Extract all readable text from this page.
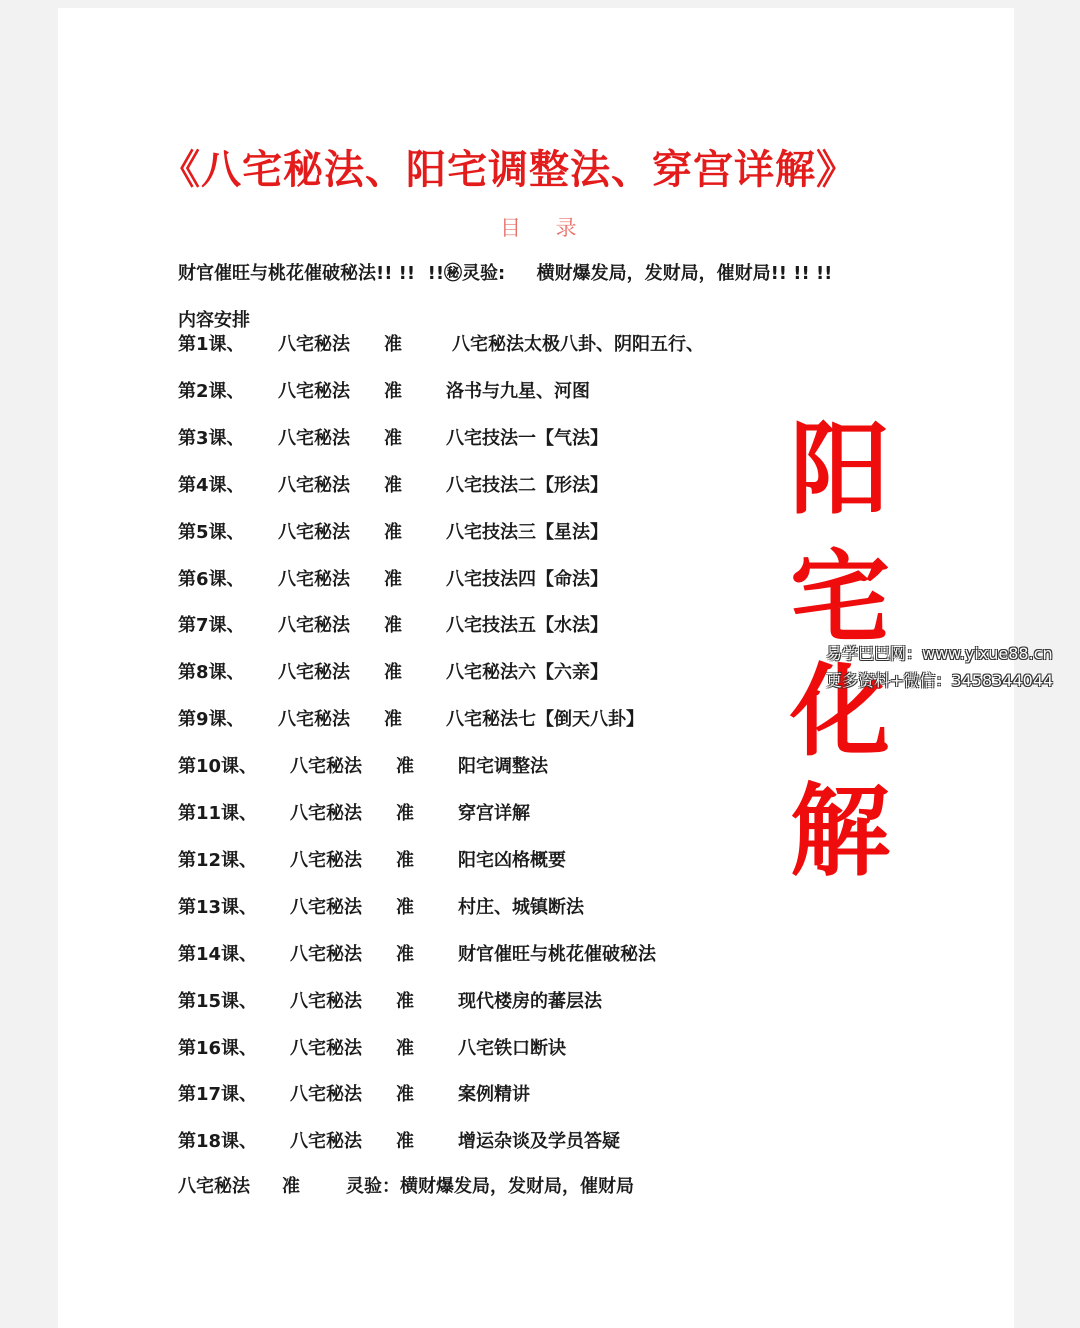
《八宅秘法、阳宅调整法、穿宫详解》
目 录
财官催旺与桃花催破秘法!! !!  !!㊙灵验:     横财爆发局，发财局，催财局!! !! !!
内容安排
第1课、 八宅秘法 准	八宅秘法太极八卦、阴阳五行、
第2课、 八宅秘法 准 洛书与九星、河图
第3课、 八宅秘法 准 八宅技法一【气法】
第4课、 八宅秘法 准 八宅技法二【形法】
第5课、 八宅秘法 准 八宅技法三【星法】
第6课、 八宅秘法 准 八宅技法四【命法】
第7课、 八宅秘法 准 八宅技法五【水法】
第8课、 八宅秘法 准 八宅秘法六【六亲】
第9课、 八宅秘法 准 八宅秘法七【倒天八卦】
第10课、 八宅秘法 准 阳宅调整法
第11课、 八宅秘法 准 穿宫详解
第12课、 八宅秘法 准 阳宅凶格概要
第13课、 八宅秘法 准 村庄、城镇断法
第14课、 八宅秘法 准 财官催旺与桃花催破秘法
第15课、 八宅秘法 准 现代楼房的蕃层法
第16课、 八宅秘法 准 八宅铁口断诀
第17课、 八宅秘法 准 案例精讲
第18课、 八宅秘法 准 增运杂谈及学员答疑
八宅秘法 准	灵验：横财爆发局，发财局，催财局
阳
宅
化
解
易学巴巴网：www.yixue88.cn
更多资料+微信：3458344044
